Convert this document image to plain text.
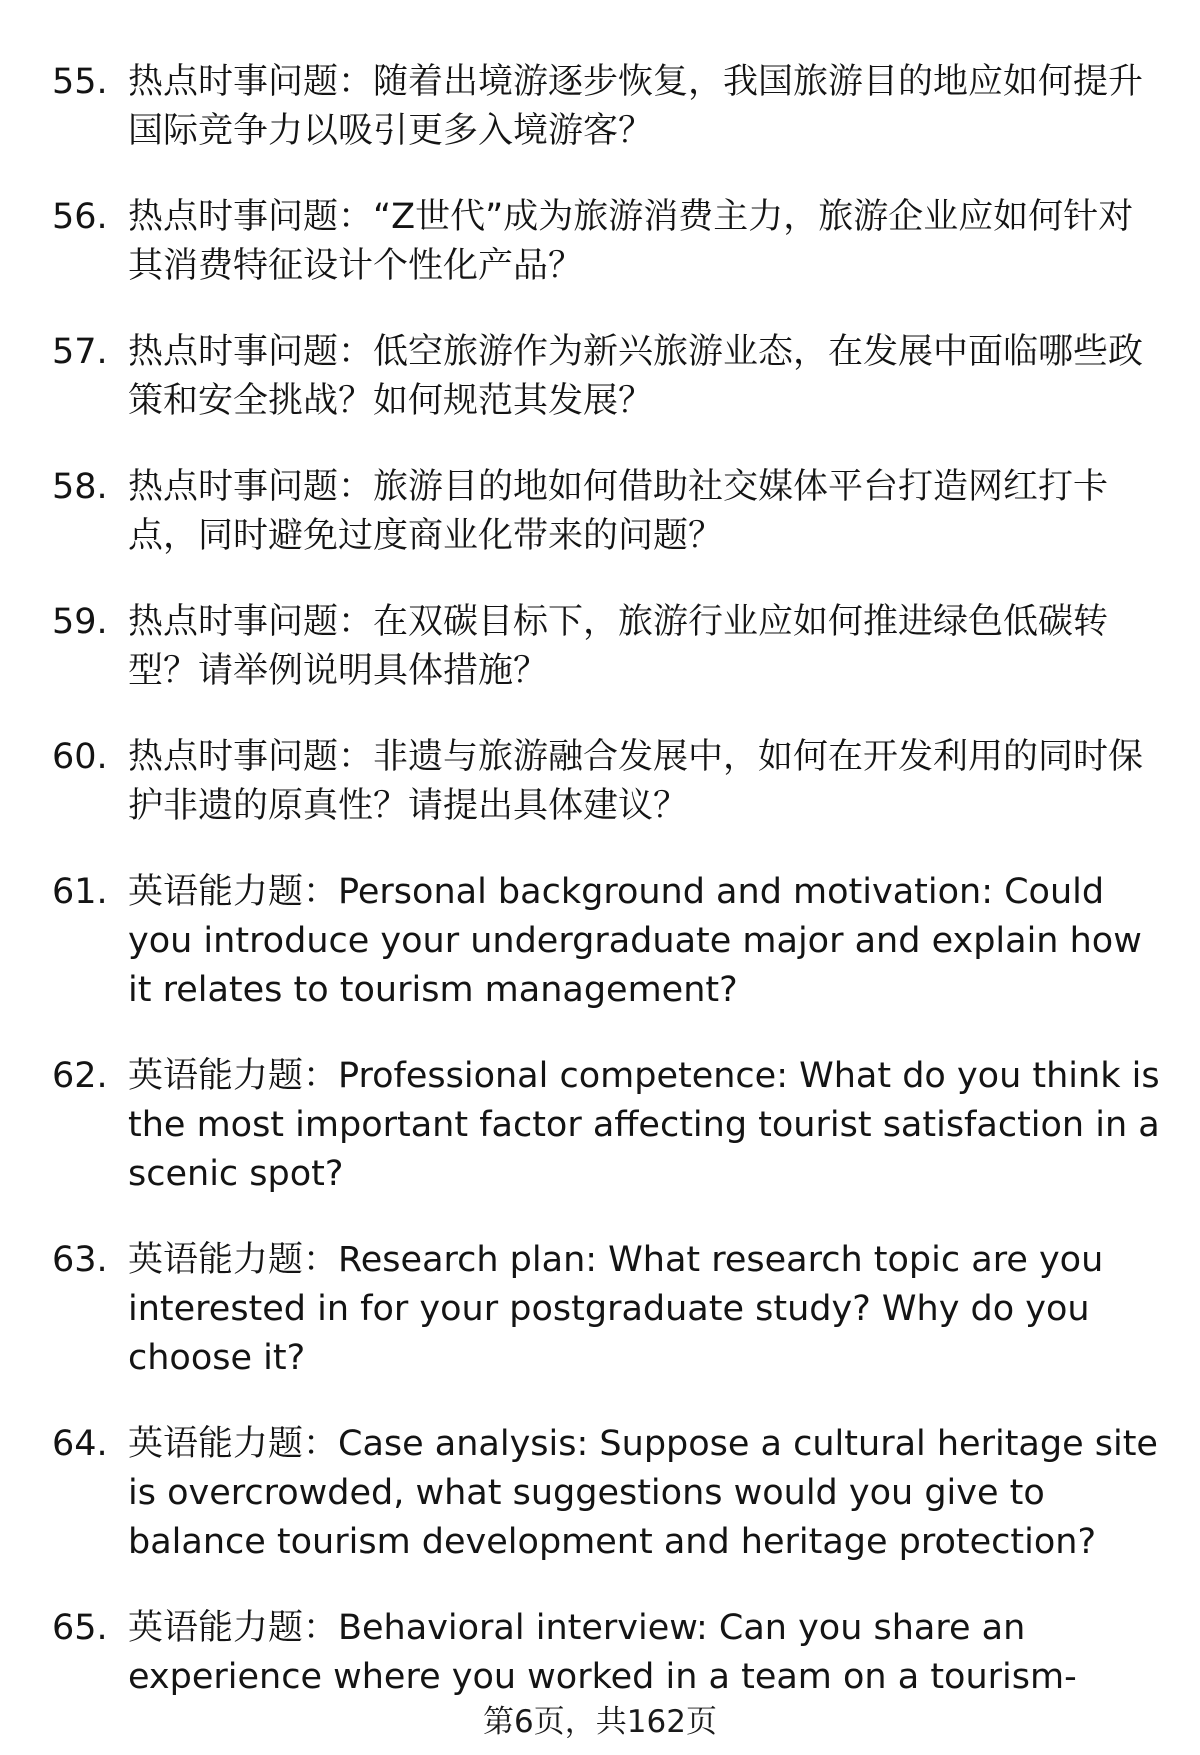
55. 热点时事问题：随着出境游逐步恢复，我国旅游目的地应如何提升国际竞争力以吸引更多入境游客？
56. 热点时事问题：“Z世代”成为旅游消费主力，旅游企业应如何针对其消费特征设计个性化产品？
57. 热点时事问题：低空旅游作为新兴旅游业态，在发展中面临哪些政策和安全挑战？如何规范其发展？
58. 热点时事问题：旅游目的地如何借助社交媒体平台打造网红打卡点，同时避免过度商业化带来的问题？
59. 热点时事问题：在双碳目标下，旅游行业应如何推进绿色低碳转型？请举例说明具体措施？
60. 热点时事问题：非遗与旅游融合发展中，如何在开发利用的同时保护非遗的原真性？请提出具体建议？
61. 英语能力题：Personal background and motivation: Could you introduce your undergraduate major and explain how it relates to tourism management?
62. 英语能力题：Professional competence: What do you think is the most important factor affecting tourist satisfaction in a scenic spot?
63. 英语能力题：Research plan: What research topic are you interested in for your postgraduate study? Why do you choose it?
64. 英语能力题：Case analysis: Suppose a cultural heritage site is overcrowded, what suggestions would you give to balance tourism development and heritage protection?
65. 英语能力题：Behavioral interview: Can you share an experience where you worked in a team on a tourism-
第6页，共162页
